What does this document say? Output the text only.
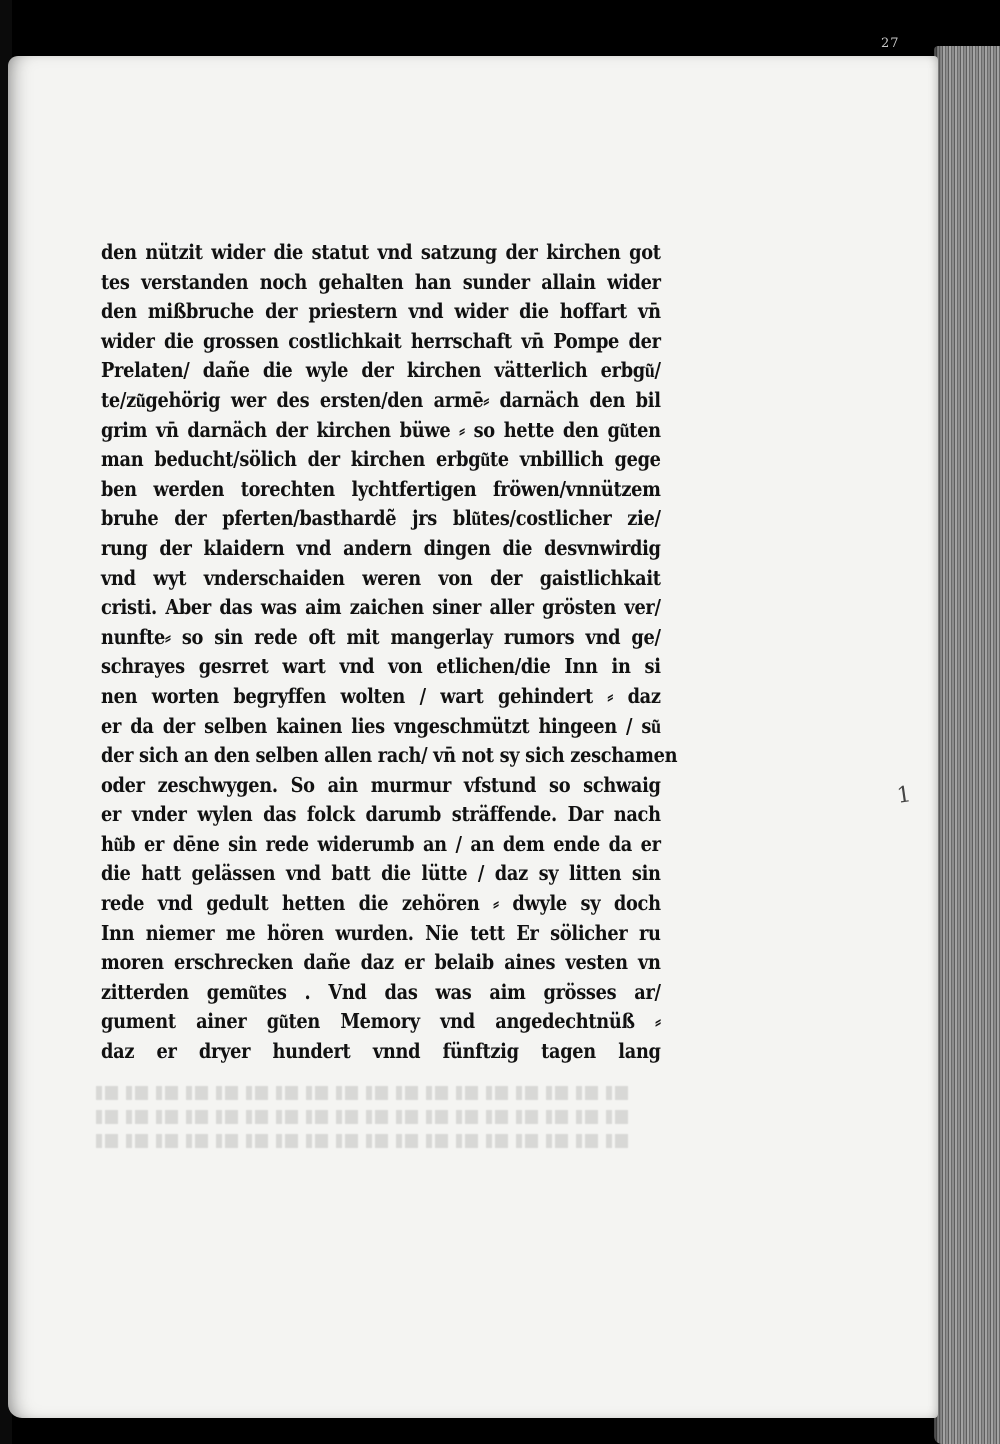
27
1
den nützit wider die statut vnd satzung der kirchen got
tes verstanden noch gehalten han sunder allain wider
den mißbruche der priestern vnd wider die hoffart vn̄
wider die grossen costlichkait herrschaft vn̄ Pompe der
Prelaten/ dañe die wyle der kirchen vätterlich erbgu͂/
te/zu͂gehörig wer des ersten/den armē⸗ darnäch den bil
grim vn̄ darnäch der kirchen büwe ⸗ so hette den gu͂ten
man beducht/sölich der kirchen erbgu͂te vnbillich gege
ben werden torechten lychtfertigen fröwen/vnnützem
bruhe der pferten/basthardẽ jrs blu͂tes/costlicher zie/
rung der klaidern vnd andern dingen die desvnwirdig
vnd wyt vnderschaiden weren von der gaistlichkait
cristi. Aber das was aim zaichen siner aller grösten ver/
nunfte⸗ so sin rede oft mit mangerlay rumors vnd ge/
schrayes gesrret wart vnd von etlichen/die Inn in si
nen worten begryffen wolten / wart gehindert ⸗ daz
er da der selben kainen lies vngeschmützt hingeen / su͂
der sich an den selben allen rach/ vn̄ not sy sich zeschamen
oder zeschwygen. So ain murmur vfstund so schwaig
er vnder wylen das folck darumb sträffende. Dar nach
hu͂b er dēne sin rede widerumb an / an dem ende da er
die hatt gelässen vnd batt die lütte / daz sy litten sin
rede vnd gedult hetten die zehören ⸗ dwyle sy doch
Inn niemer me hören wurden. Nie tett Er sölicher ru
moren erschrecken dañe daz er belaib aines vesten vn
zitterden gemu͂tes . Vnd das was aim grösses ar/
gument ainer gu͂ten Memory vnd angedechtnüß ⸗
daz er dryer hundert vnnd fünftzig tagen lang
